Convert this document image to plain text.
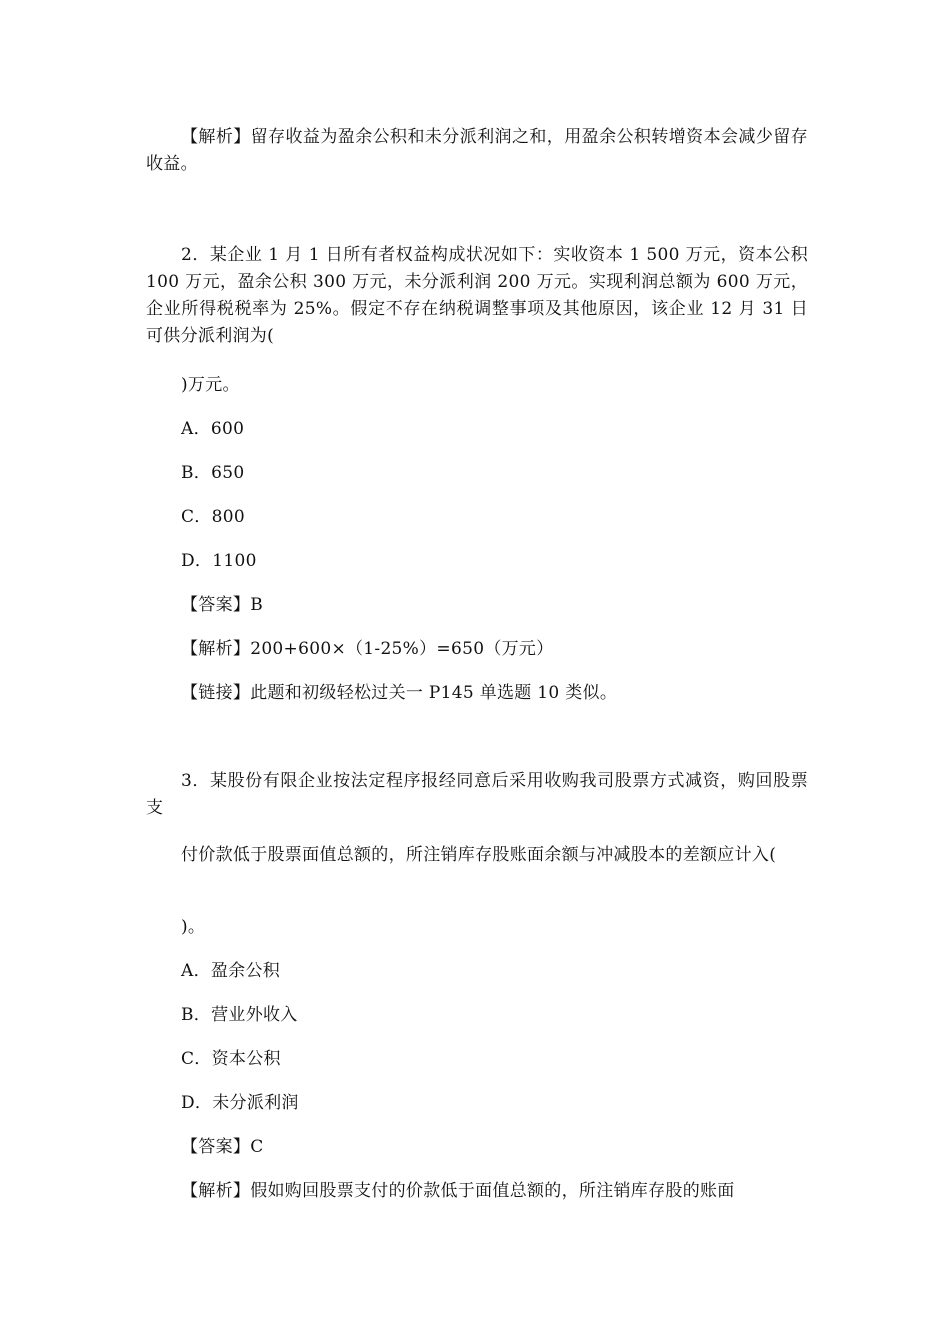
【解析】留存收益为盈余公积和未分派利润之和，用盈余公积转增资本会减少留存收益。

2．某企业 1 月 1 日所有者权益构成状况如下：实收资本 1 500 万元，资本公积 100 万元，盈余公积 300 万元，未分派利润 200 万元。实现利润总额为 600 万元，企业所得税税率为 25%。假定不存在纳税调整事项及其他原因，该企业 12 月 31 日可供分派利润为(

)万元。

A．600

B．650

C．800

D．1100

【答案】B

【解析】200+600×（1-25%）=650（万元）

【链接】此题和初级轻松过关一 P145 单选题 10 类似。

3．某股份有限企业按法定程序报经同意后采用收购我司股票方式减资，购回股票支

付价款低于股票面值总额的，所注销库存股账面余额与冲减股本的差额应计入(

)。

A．盈余公积

B．营业外收入

C．资本公积

D．未分派利润

【答案】C

【解析】假如购回股票支付的价款低于面值总额的，所注销库存股的账面
